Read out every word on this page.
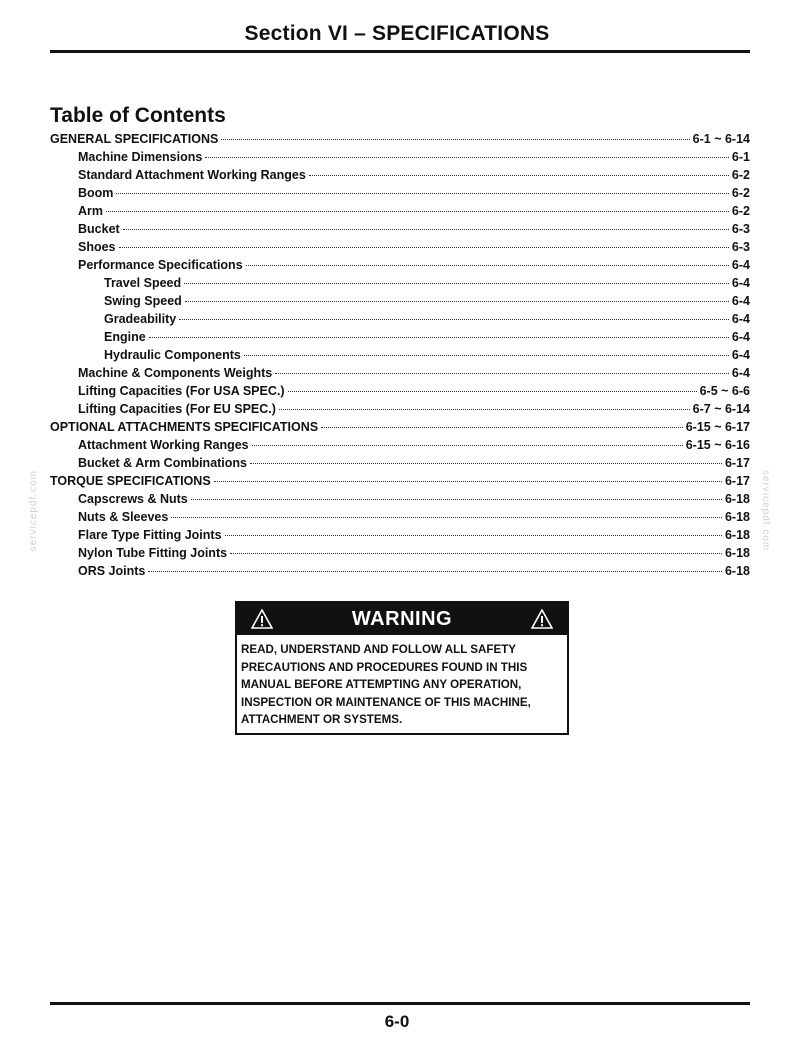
Section VI – SPECIFICATIONS
Table of Contents
GENERAL SPECIFICATIONS	6-1 ~ 6-14
Machine Dimensions	6-1
Standard Attachment Working Ranges	6-2
Boom	6-2
Arm	6-2
Bucket	6-3
Shoes	6-3
Performance Specifications	6-4
Travel Speed	6-4
Swing Speed	6-4
Gradeability	6-4
Engine	6-4
Hydraulic Components	6-4
Machine & Components Weights	6-4
Lifting Capacities (For USA SPEC.)	6-5 ~ 6-6
Lifting Capacities (For EU SPEC.)	6-7 ~ 6-14
OPTIONAL ATTACHMENTS SPECIFICATIONS	6-15 ~ 6-17
Attachment Working Ranges	6-15 ~ 6-16
Bucket & Arm Combinations	6-17
TORQUE SPECIFICATIONS	6-17
Capscrews & Nuts	6-18
Nuts & Sleeves	6-18
Flare Type Fitting Joints	6-18
Nylon Tube Fitting Joints	6-18
ORS Joints	6-18
servicepdf.com	servicepdf.com
WARNING
READ, UNDERSTAND AND FOLLOW ALL SAFETY
PRECAUTIONS AND PROCEDURES FOUND IN THIS
MANUAL BEFORE ATTEMPTING ANY OPERATION,
INSPECTION OR MAINTENANCE OF THIS MACHINE,
ATTACHMENT OR SYSTEMS.
6-0
